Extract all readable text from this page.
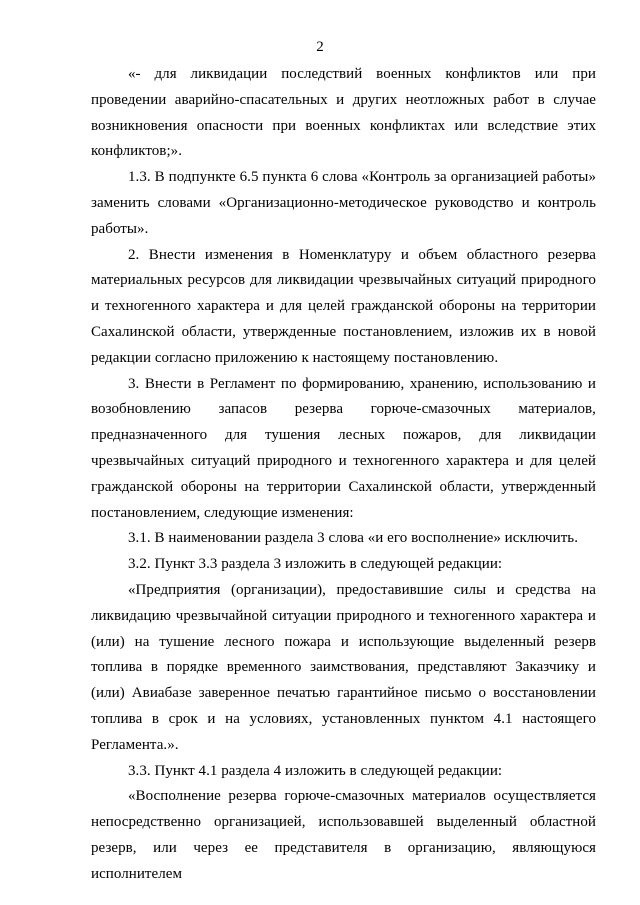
2

«- для ликвидации последствий военных конфликтов или при проведении аварийно-спасательных и других неотложных работ в случае возникновения опасности при военных конфликтах или вследствие этих конфликтов;».

1.3. В подпункте 6.5 пункта 6 слова «Контроль за организацией работы» заменить словами «Организационно-методическое руководство и контроль работы».

2. Внести изменения в Номенклатуру и объем областного резерва материальных ресурсов для ликвидации чрезвычайных ситуаций природного и техногенного характера и для целей гражданской обороны на территории Сахалинской области, утвержденные постановлением, изложив их в новой редакции согласно приложению к настоящему постановлению.

3. Внести в Регламент по формированию, хранению, использованию и возобновлению запасов резерва горюче-смазочных материалов, предназначенного для тушения лесных пожаров, для ликвидации чрезвычайных ситуаций природного и техногенного характера и для целей гражданской обороны на территории Сахалинской области, утвержденный постановлением, следующие изменения:

3.1. В наименовании раздела 3 слова «и его восполнение» исключить.

3.2. Пункт 3.3 раздела 3 изложить в следующей редакции:

«Предприятия (организации), предоставившие силы и средства на ликвидацию чрезвычайной ситуации природного и техногенного характера и (или) на тушение лесного пожара и использующие выделенный резерв топлива в порядке временного заимствования, представляют Заказчику и (или) Авиабазе заверенное печатью гарантийное письмо о восстановлении топлива в срок и на условиях, установленных пунктом 4.1 настоящего Регламента.».

3.3. Пункт 4.1 раздела 4 изложить в следующей редакции:

«Восполнение резерва горюче-смазочных материалов осуществляется непосредственно организацией, использовавшей выделенный областной резерв, или через ее представителя в организацию, являющуюся исполнителем
